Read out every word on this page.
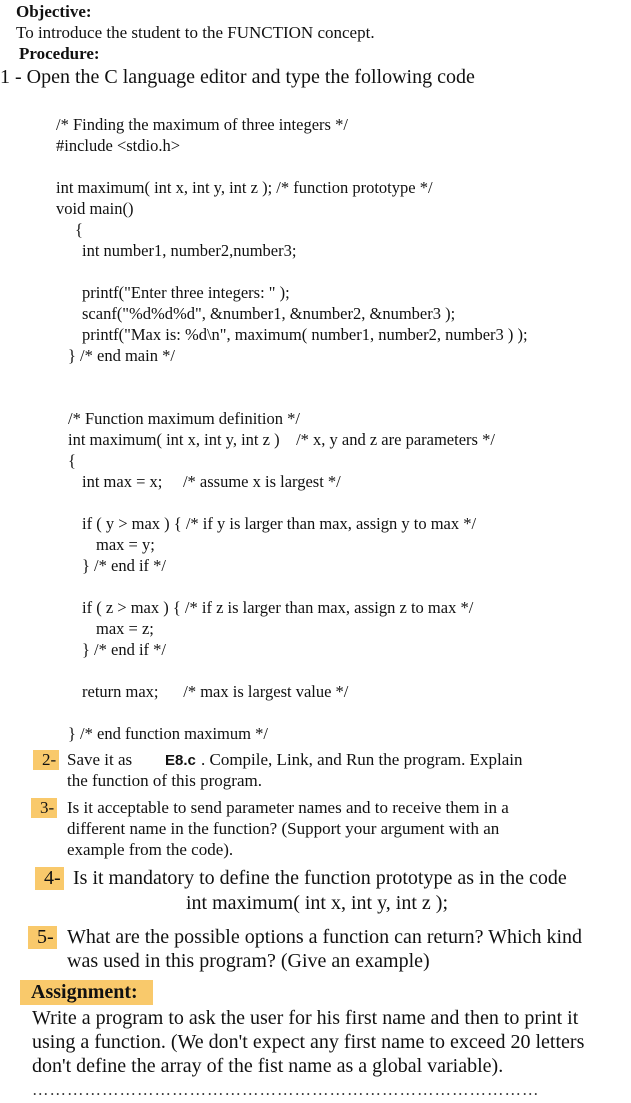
Objective:
To introduce the student to the FUNCTION concept.
Procedure:
1 - Open the C language editor and type the following code
/* Finding the maximum of three integers */
#include <stdio.h>
int maximum( int x, int y, int z ); /* function prototype */
void main()
{
int number1, number2,number3;
printf("Enter three integers: " );
scanf("%d%d%d", &number1, &number2, &number3 );
printf("Max is: %d\n", maximum( number1, number2, number3 ) );
} /* end main */
/* Function maximum definition */
int maximum( int x, int y, int z )    /* x, y and z are parameters */
{
int max = x;     /* assume x is largest */
if ( y > max ) { /* if y is larger than max, assign y to max */
max = y;
} /* end if */
if ( z > max ) { /* if z is larger than max, assign z to max */
max = z;
} /* end if */
return max;      /* max is largest value */
} /* end function maximum */
2- Save it as E8.c . Compile, Link, and Run the program. Explain
the function of this program.
3- Is it acceptable to send parameter names and to receive them in a
different name in the function? (Support your argument with an
example from the code).
4- Is it mandatory to define the function prototype as in the code
int maximum( int x, int y, int z );
5- What are the possible options a function can return? Which kind
was used in this program? (Give an example)
Assignment:
Write a program to ask the user for his first name and then to print it
using a function. (We don't expect any first name to exceed 20 letters
don't define the array of the fist name as a global variable).
……………………………………………………………………………
